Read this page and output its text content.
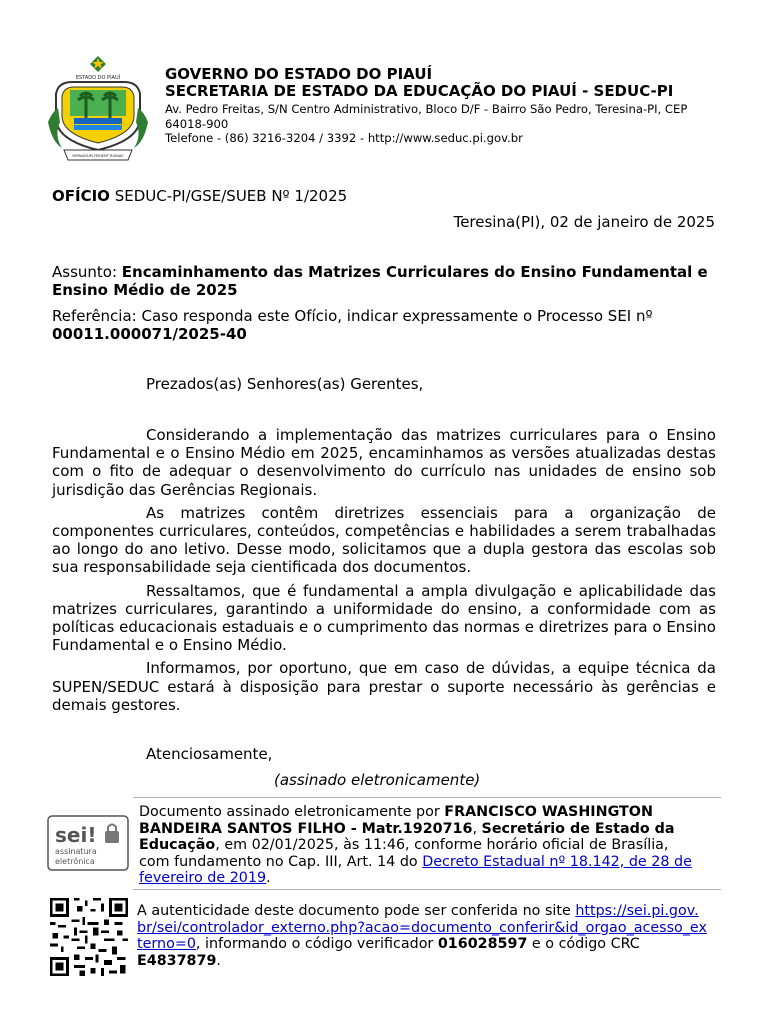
ESTADO DO PIAUÍ
IMPAVIDUM FERIENT RUINAE

GOVERNO DO ESTADO DO PIAUÍ

SECRETARIA DE ESTADO DA EDUCAÇÃO DO PIAUÍ - SEDUC-PI

Av. Pedro Freitas, S/N Centro Administrativo, Bloco D/F - Bairro São Pedro, Teresina-PI, CEP 64018-900
Telefone - (86) 3216-3204 / 3392 - http://www.seduc.pi.gov.br
OFÍCIO SEDUC-PI/GSE/SUEB Nº 1/2025
Teresina(PI), 02 de janeiro de 2025
Assunto: Encaminhamento das Matrizes Curriculares do Ensino Fundamental e Ensino Médio de 2025
Referência: Caso responda este Ofício, indicar expressamente o Processo SEI nº 00011.000071/2025-40
Prezados(as) Senhores(as) Gerentes,

Considerando a implementação das matrizes curriculares para o Ensino Fundamental e o Ensino Médio em 2025, encaminhamos as versões atualizadas destas com o fito de adequar o desenvolvimento do currículo nas unidades de ensino sob jurisdição das Gerências Regionais.

As matrizes contêm diretrizes essenciais para a organização de componentes curriculares, conteúdos, competências e habilidades a serem trabalhadas ao longo do ano letivo. Desse modo, solicitamos que a dupla gestora das escolas sob sua responsabilidade seja cientificada dos documentos.

Ressaltamos, que é fundamental a ampla divulgação e aplicabilidade das matrizes curriculares, garantindo a uniformidade do ensino, a conformidade com as políticas educacionais estaduais e o cumprimento das normas e diretrizes para o Ensino Fundamental e o Ensino Médio.

Informamos, por oportuno, que em caso de dúvidas, a equipe técnica da SUPEN/SEDUC estará à disposição para prestar o suporte necessário às gerências e demais gestores.

Atenciosamente,
(assinado eletronicamente)
sei!
assinatura
eletrônica
Documento assinado eletronicamente por FRANCISCO WASHINGTON BANDEIRA SANTOS FILHO - Matr.1920716, Secretário de Estado da Educação, em 02/01/2025, às 11:46, conforme horário oficial de Brasília, com fundamento no Cap. III, Art. 14 do Decreto Estadual nº 18.142, de 28 de fevereiro de 2019.
A autenticidade deste documento pode ser conferida no site https://sei.pi.gov.br/sei/controlador_externo.php?acao=documento_conferir&id_orgao_acesso_externo=0, informando o código verificador 016028597 e o código CRC E4837879.
